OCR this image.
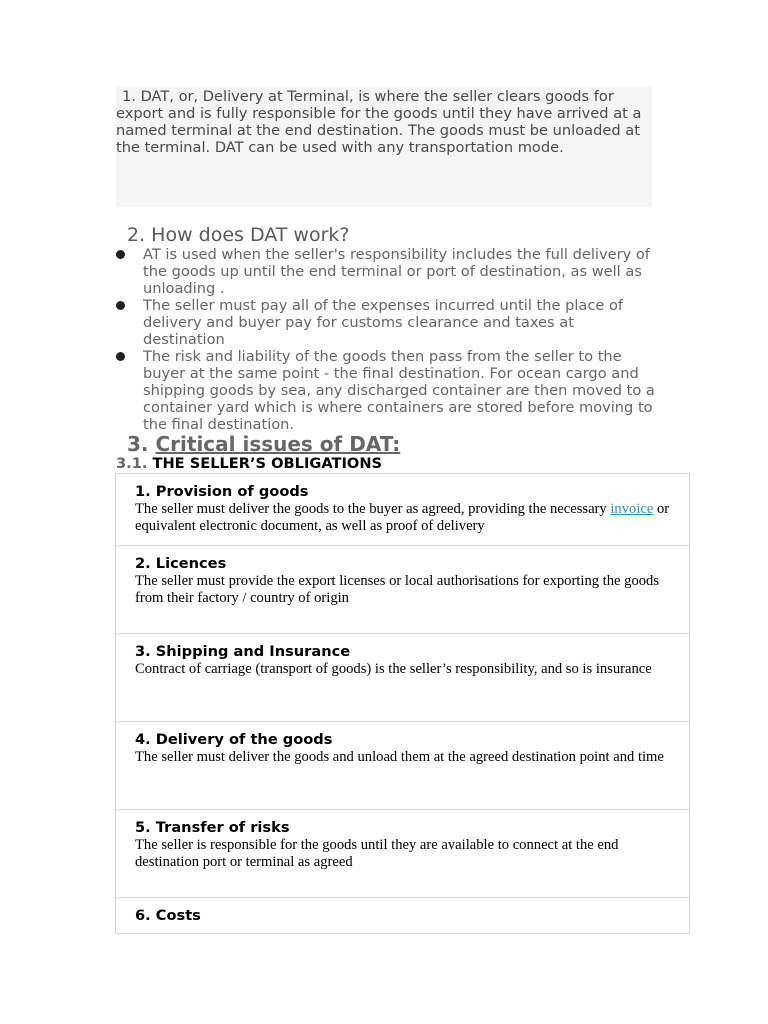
1. DAT, or, Delivery at Terminal, is where the seller clears goods for export and is fully responsible for the goods until they have arrived at a named terminal at the end destination. The goods must be unloaded at the terminal. DAT can be used with any transportation mode.

2. How does DAT work?
AT is used when the seller's responsibility includes the full delivery of the goods up until the end terminal or port of destination, as well as unloading .
The seller must pay all of the expenses incurred until the place of delivery and buyer pay for customs clearance and taxes at destination
The risk and liability of the goods then pass from the seller to the buyer at the same point - the final destination. For ocean cargo and shipping goods by sea, any discharged container are then moved to a container yard which is where containers are stored before moving to the final destination.
3. Critical issues of DAT:
3.1. THE SELLER’S OBLIGATIONS

1. Provision of goods

The seller must deliver the goods to the buyer as agreed, providing the necessary invoice or equivalent electronic document, as well as proof of delivery

2. Licences

The seller must provide the export licenses or local authorisations for exporting the goods from their factory / country of origin

3. Shipping and Insurance

Contract of carriage (transport of goods) is the seller’s responsibility, and so is insurance

4. Delivery of the goods

The seller must deliver the goods and unload them at the agreed destination point and time

5. Transfer of risks

The seller is responsible for the goods until they are available to connect at the end destination port or terminal as agreed

6. Costs
